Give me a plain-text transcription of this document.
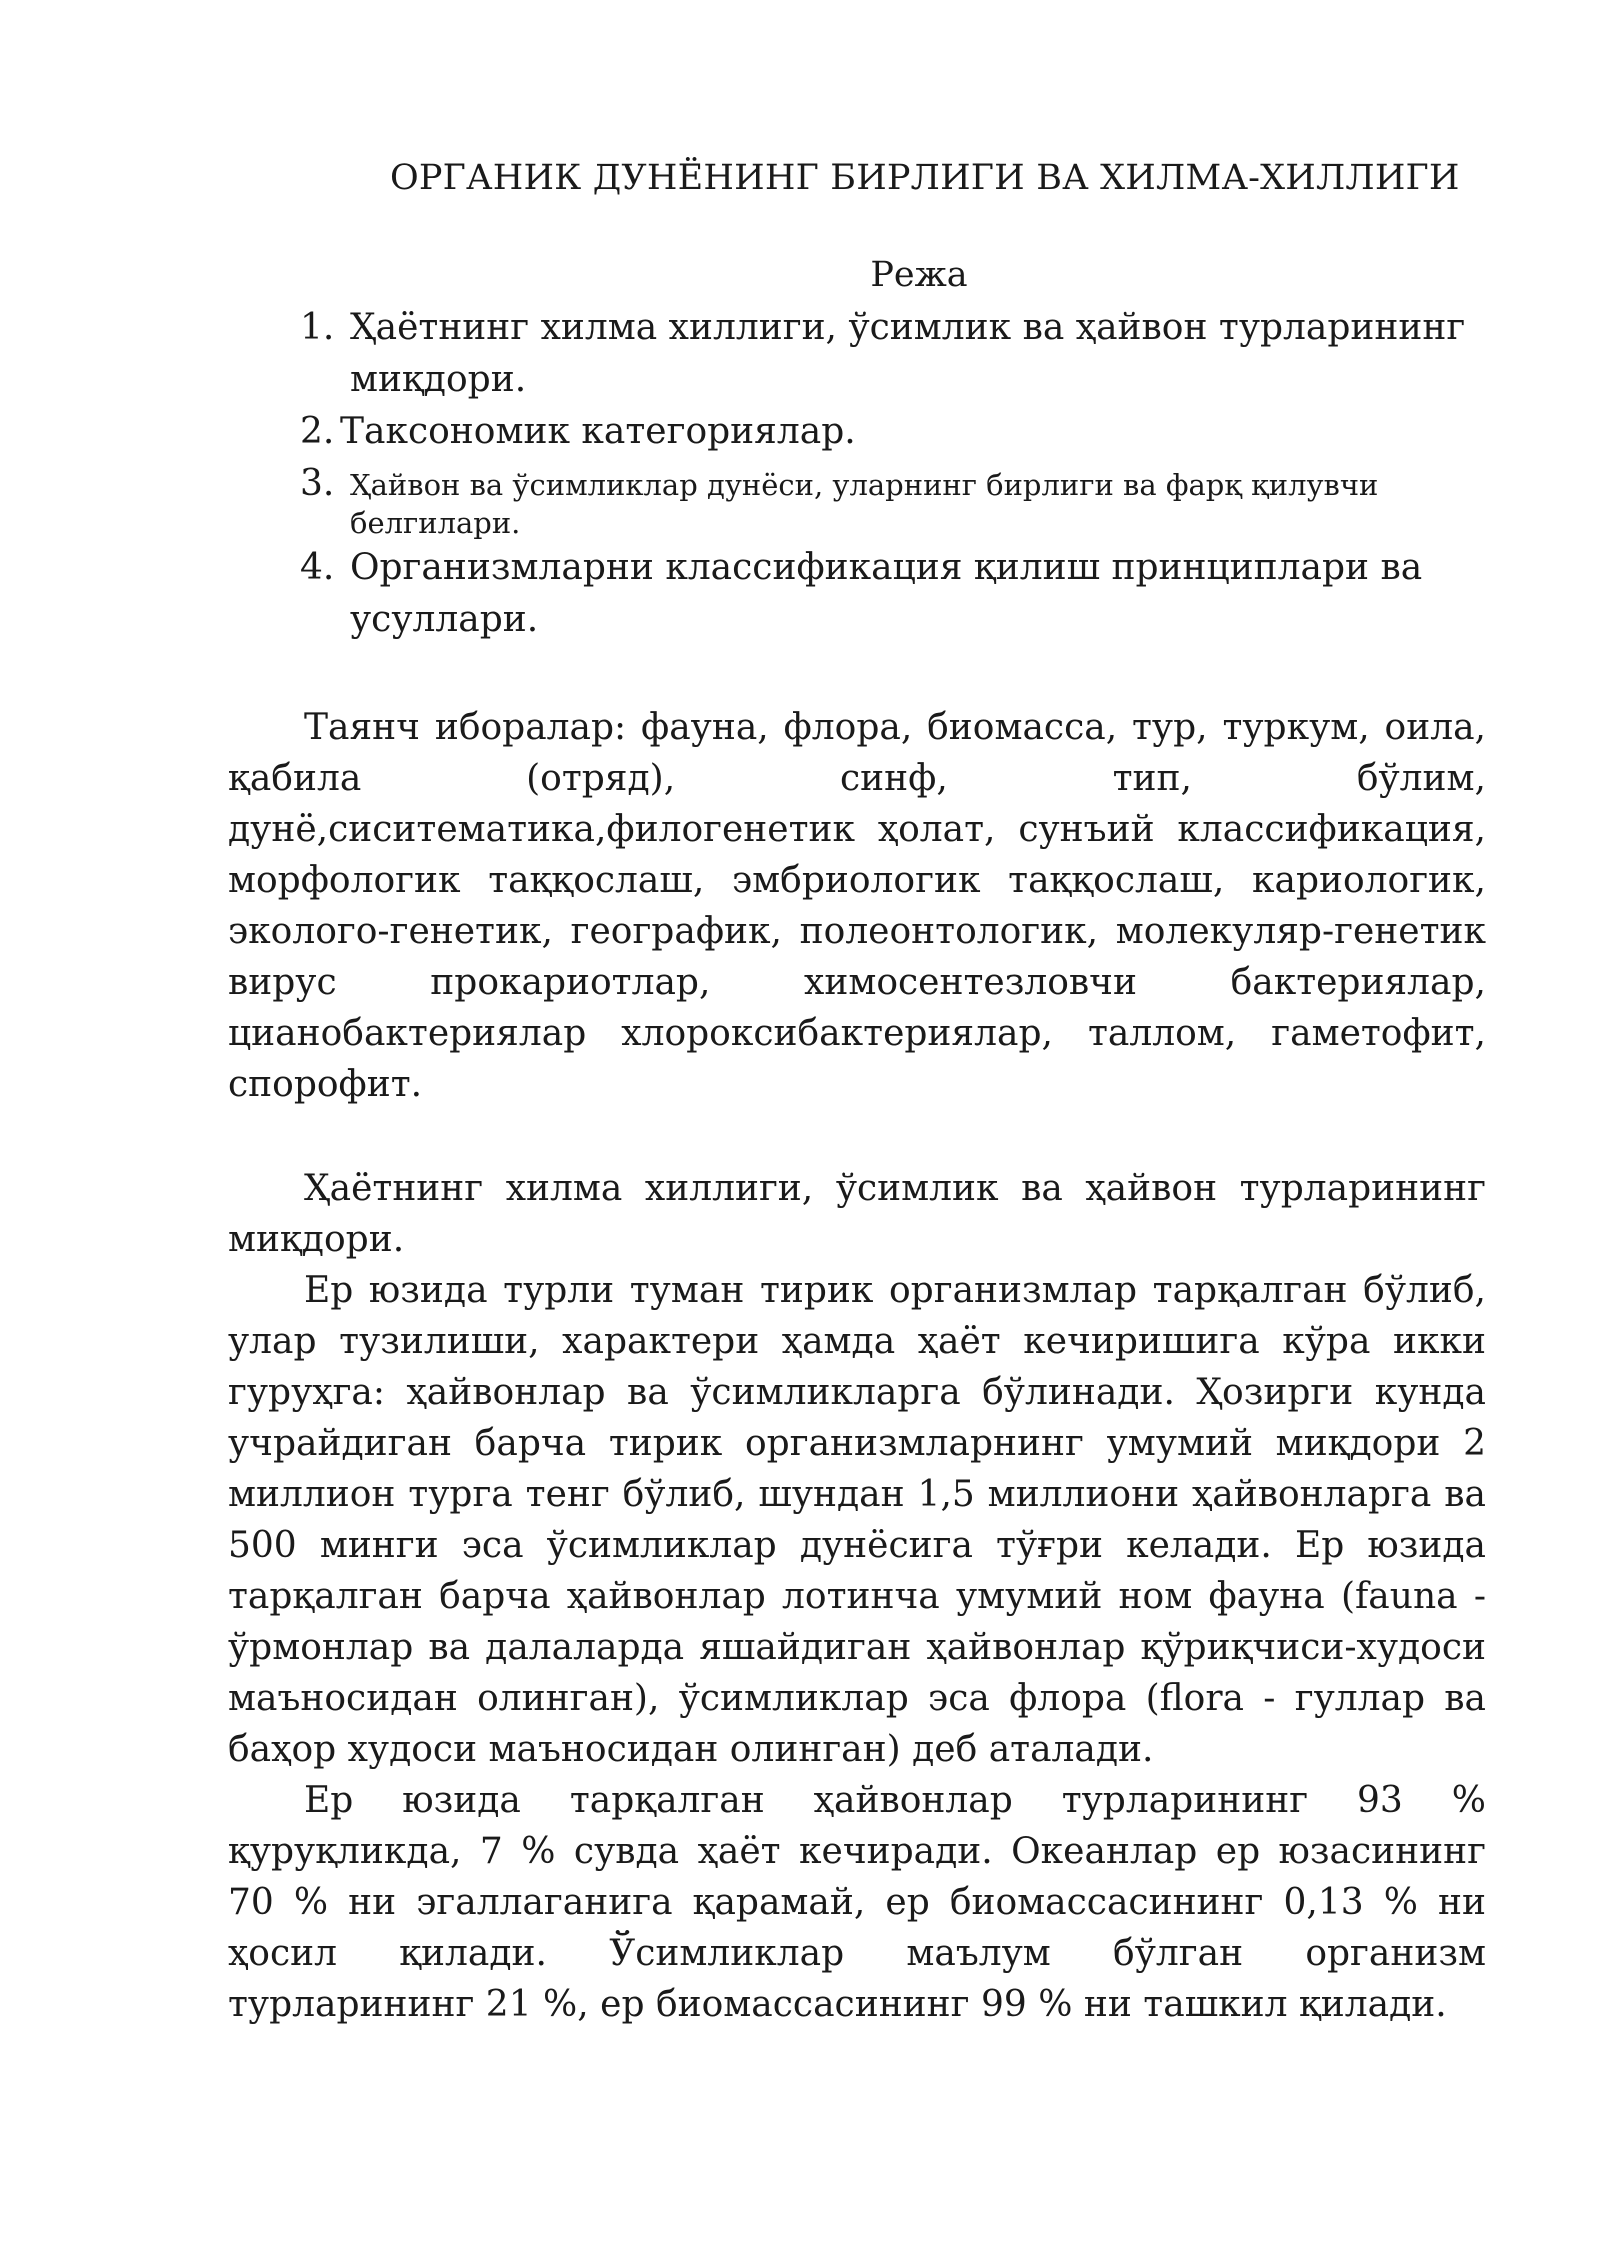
ОРГАНИК ДУНЁНИНГ БИРЛИГИ ВА ХИЛМА-ХИЛЛИГИ
Режа
1. Ҳаётнинг хилма хиллиги, ўсимлик ва ҳайвон турларининг миқдори.
2. Таксономик категориялар.
3. Ҳайвон ва ўсимликлар дунёси, уларнинг бирлиги ва фарқ қилувчи белгилари.
4. Организмларни классификация қилиш принциплари ва усуллари.

Таянч иборалар: фауна, флора, биомасса, тур, туркум, оила, қабила (отряд), синф, тип, бўлим, дунё,сиситематика,филогенетик ҳолат, сунъий классификация, морфологик таққослаш, эмбриологик таққослаш, кариологик, эколого-генетик, географик, полеонтологик, молекуляр-генетик вирус прокариотлар, химосентезловчи бактериялар, цианобактериялар хлороксибактериялар, таллом, гаметофит, спорофит.

Ҳаётнинг хилма хиллиги, ўсимлик ва ҳайвон турларининг миқдори.

Ер юзида турли туман тирик организмлар тарқалган бўлиб, улар тузилиши, характери ҳамда ҳаёт кечиришига кўра икки гуруҳга: ҳайвонлар ва ўсимликларга бўлинади. Ҳозирги кунда учрайдиган барча тирик организмларнинг умумий миқдори 2 миллион турга тенг бўлиб, шундан 1,5 миллиони ҳайвонларга ва 500 минги эса ўсимликлар дунёсига тўғри келади. Ер юзида тарқалган барча ҳайвонлар лотинча умумий ном фауна (fauna - ўрмонлар ва далаларда яшайдиган ҳайвонлар қўриқчиси-худоси маъносидан олинган), ўсимликлар эса флора (flora - гуллар ва баҳор худоси маъносидан олинган) деб аталади.

Ер юзида тарқалган ҳайвонлар турларининг 93 % қуруқликда, 7 % сувда ҳаёт кечиради. Океанлар ер юзасининг 70 % ни эгаллаганига қарамай, ер биомассасининг 0,13 % ни ҳосил қилади. Ўсимликлар маълум бўлган организм турларининг 21 %, ер биомассасининг 99 % ни ташкил қилади.
